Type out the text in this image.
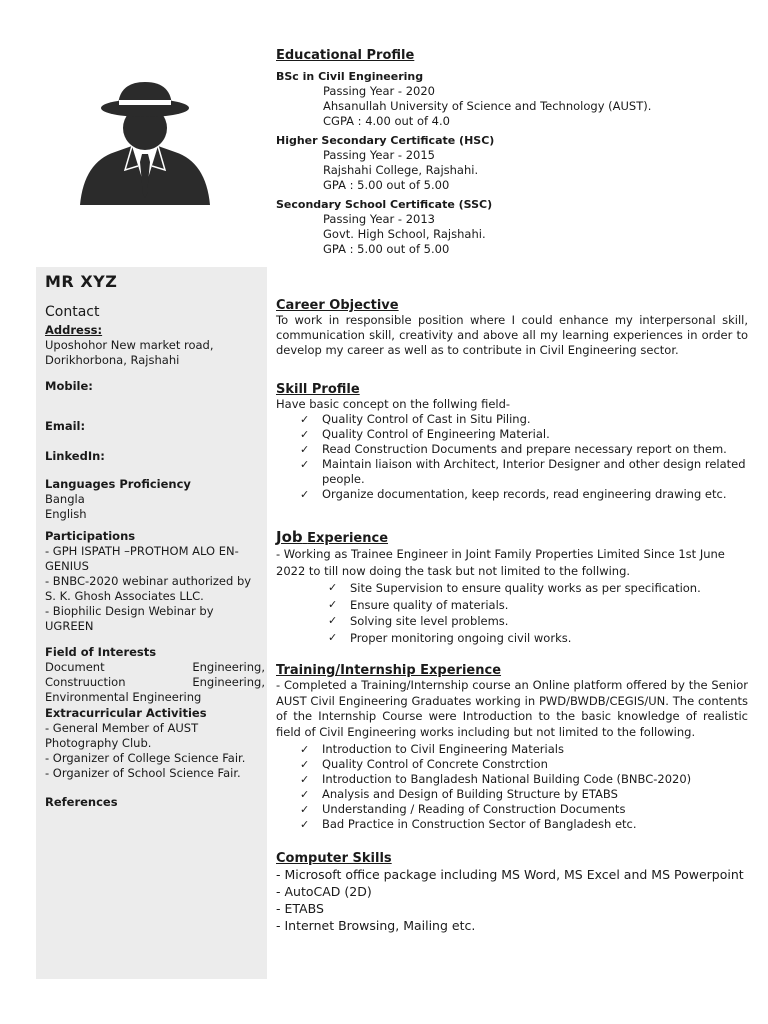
MR XYZ
Contact
Address:
Uposhohor New market road,
Dorikhorbona, Rajshahi
Mobile:
Email:
LinkedIn:
Languages Proficiency
Bangla
English
Participations
- GPH ISPATH –PROTHOM ALO EN-
GENIUS
- BNBC-2020 webinar authorized by
S. K. Ghosh Associates LLC.
- Biophilic Design Webinar by
UGREEN
Field of Interests
Document Engineering, Construuction Engineering, Environmental Engineering
Extracurricular Activities
- General Member of AUST
Photography Club.
- Organizer of College Science Fair.
- Organizer of School Science Fair.
References
Educational Profile
BSc in Civil Engineering
Passing Year - 2020
Ahsanullah University of Science and Technology (AUST).
CGPA : 4.00 out of 4.0
Higher Secondary Certificate (HSC)
Passing Year - 2015
Rajshahi College, Rajshahi.
GPA : 5.00 out of 5.00
Secondary School Certificate (SSC)
Passing Year - 2013
Govt. High School, Rajshahi.
GPA : 5.00 out of 5.00
Career Objective
To work in responsible position where I could enhance my interpersonal skill, communication skill, creativity and above all my learning experiences in order to develop my career as well as to contribute in Civil Engineering sector.
Skill Profile
Have basic concept on the follwing field-
✓ Quality Control of Cast in Situ Piling.
✓ Quality Control of Engineering Material.
✓ Read Construction Documents and prepare necessary report on them.
✓ Maintain liaison with Architect, Interior Designer and other design related people.
✓ Organize documentation, keep records, read engineering drawing etc.
Job Experience
- Working as Trainee Engineer in Joint Family Properties Limited Since 1st June 2022 to till now doing the task but not limited to the follwing.
✓ Site Supervision to ensure quality works as per specification.
✓ Ensure quality of materials.
✓ Solving site level problems.
✓ Proper monitoring ongoing civil works.
Training/Internship Experience
- Completed a Training/Internship course an Online platform offered by the Senior AUST Civil Engineering Graduates working in PWD/BWDB/CEGIS/UN. The contents of the Internship Course were Introduction to the basic knowledge of realistic field of Civil Engineering works including but not limited to the following.
✓ Introduction to Civil Engineering Materials
✓ Quality Control of Concrete Constrction
✓ Introduction to Bangladesh National Building Code (BNBC-2020)
✓ Analysis and Design of Building Structure by ETABS
✓ Understanding / Reading of Construction Documents
✓ Bad Practice in Construction Sector of Bangladesh etc.
Computer Skills
- Microsoft office package including MS Word, MS Excel and MS Powerpoint
- AutoCAD (2D)
- ETABS
- Internet Browsing, Mailing etc.
